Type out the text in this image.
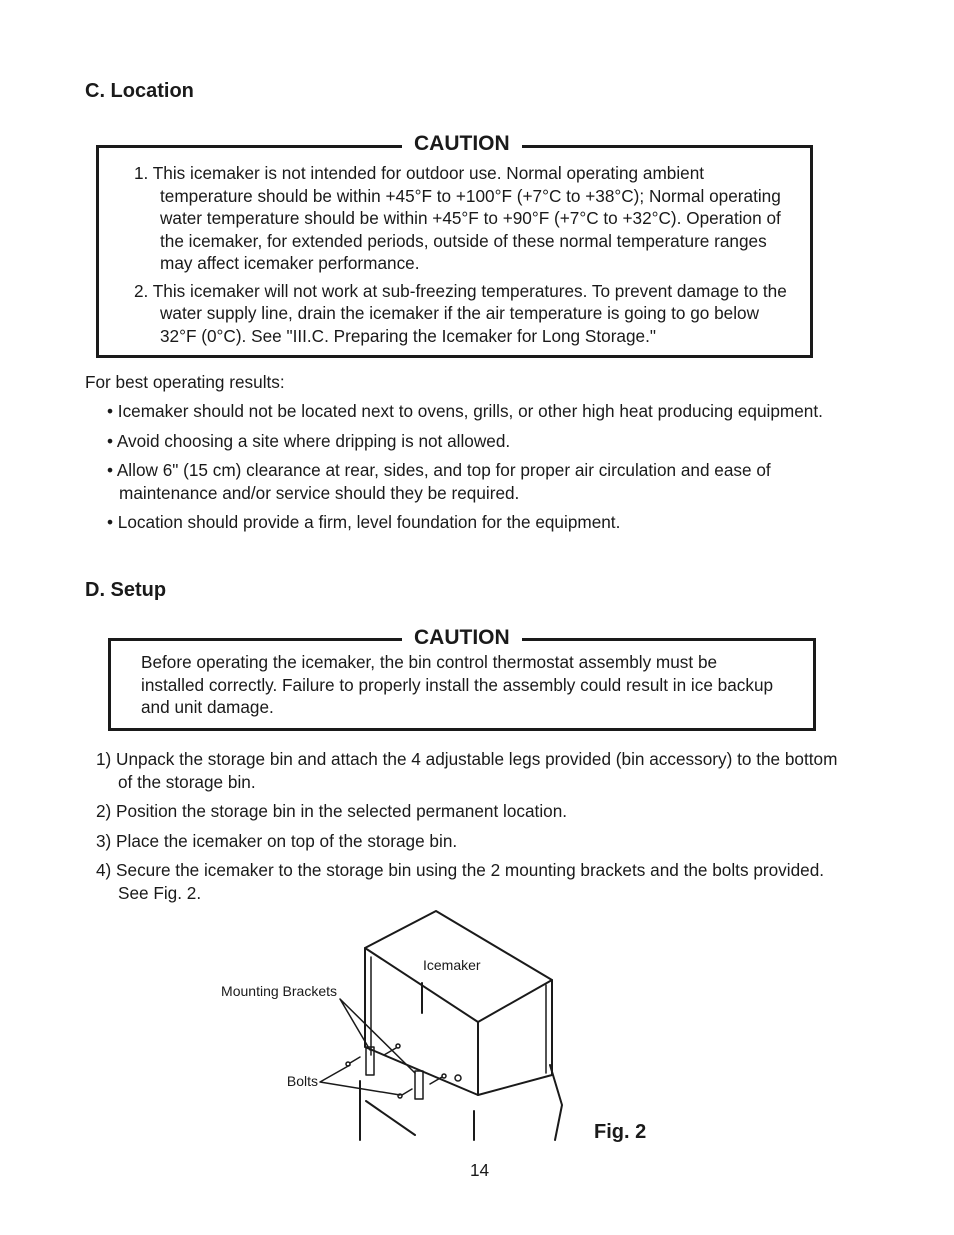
C. Location
CAUTION
1. This icemaker is not intended for outdoor use. Normal operating ambient temperature should be within +45°F to +100°F (+7°C to +38°C); Normal operating water temperature should be within +45°F to +90°F (+7°C to +32°C). Operation of the icemaker, for extended periods, outside of these normal temperature ranges may affect icemaker performance.
2. This icemaker will not work at sub-freezing temperatures. To prevent damage to the water supply line, drain the icemaker if the air temperature is going to go below 32°F (0°C). See "III.C. Preparing the Icemaker for Long Storage."
For best operating results:
• Icemaker should not be located next to ovens, grills, or other high heat producing equipment.
• Avoid choosing a site where dripping is not allowed.
• Allow 6" (15 cm) clearance at rear, sides, and top for proper air circulation and ease of maintenance and/or service should they be required.
• Location should provide a firm, level foundation for the equipment.
D. Setup
CAUTION
Before operating the icemaker, the bin control thermostat assembly must be installed correctly. Failure to properly install the assembly could result in ice backup and unit damage.
1) Unpack the storage bin and attach the 4 adjustable legs provided (bin accessory) to the bottom of the storage bin.
2) Position the storage bin in the selected permanent location.
3) Place the icemaker on top of the storage bin.
4) Secure the icemaker to the storage bin using the 2 mounting brackets and the bolts provided. See Fig. 2.
Icemaker
Mounting Brackets
Bolts
Fig. 2
14
